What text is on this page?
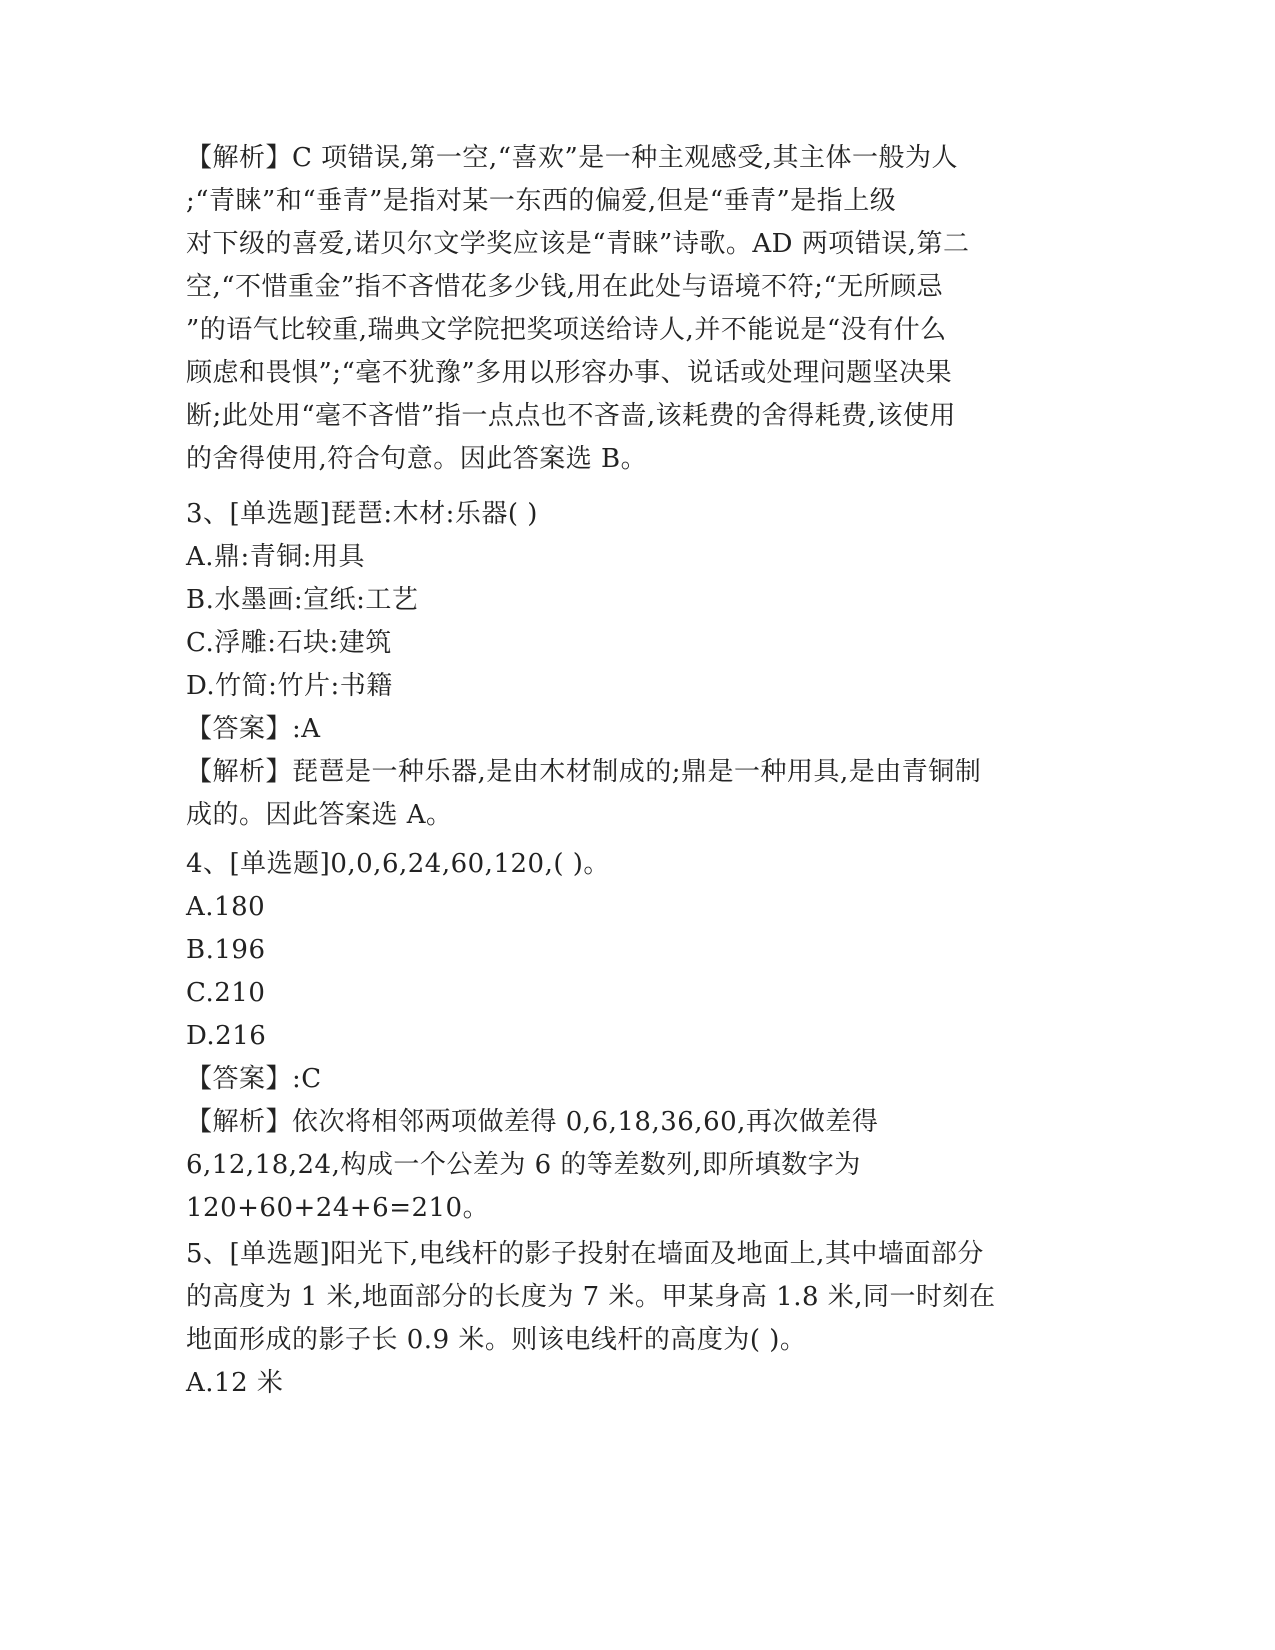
【解析】C 项错误,第一空,“喜欢”是一种主观感受,其主体一般为人
;“青睐”和“垂青”是指对某一东西的偏爱,但是“垂青”是指上级
对下级的喜爱,诺贝尔文学奖应该是“青睐”诗歌。AD 两项错误,第二
空,“不惜重金”指不吝惜花多少钱,用在此处与语境不符;“无所顾忌
”的语气比较重,瑞典文学院把奖项送给诗人,并不能说是“没有什么
顾虑和畏惧”;“毫不犹豫”多用以形容办事、说话或处理问题坚决果
断;此处用“毫不吝惜”指一点点也不吝啬,该耗费的舍得耗费,该使用
的舍得使用,符合句意。因此答案选 B。
3、[单选题]琵琶:木材:乐器( )
A.鼎:青铜:用具
B.水墨画:宣纸:工艺
C.浮雕:石块:建筑
D.竹简:竹片:书籍
【答案】:A
【解析】琵琶是一种乐器,是由木材制成的;鼎是一种用具,是由青铜制
成的。因此答案选 A。
4、[单选题]0,0,6,24,60,120,( )。
A.180
B.196
C.210
D.216
【答案】:C
【解析】依次将相邻两项做差得 0,6,18,36,60,再次做差得
6,12,18,24,构成一个公差为 6 的等差数列,即所填数字为
120+60+24+6=210。
5、[单选题]阳光下,电线杆的影子投射在墙面及地面上,其中墙面部分
的高度为 1 米,地面部分的长度为 7 米。甲某身高 1.8 米,同一时刻在
地面形成的影子长 0.9 米。则该电线杆的高度为( )。
A.12 米
